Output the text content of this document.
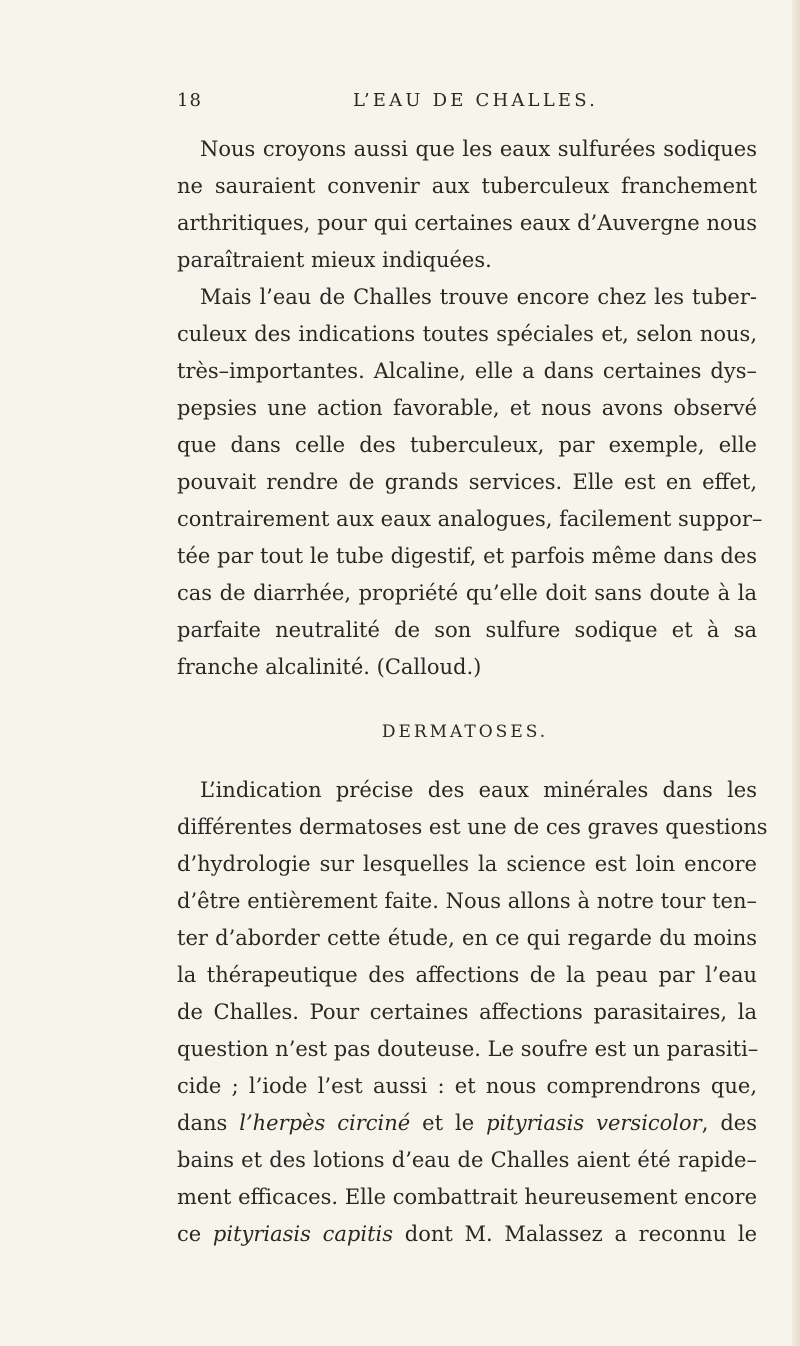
18	L’EAU DE CHALLES.
Nous croyons aussi que les eaux sulfurées sodiques
ne sauraient convenir aux tuberculeux franchement
arthritiques, pour qui certaines eaux d’Auvergne nous
paraîtraient mieux indiquées.
Mais l’eau de Challes trouve encore chez les tuber-
culeux des indications toutes spéciales et, selon nous,
très–importantes. Alcaline, elle a dans certaines dys–
pepsies une action favorable, et nous avons observé
que dans celle des tuberculeux, par exemple, elle
pouvait rendre de grands services. Elle est en effet,
contrairement aux eaux analogues, facilement suppor–
tée par tout le tube digestif, et parfois même dans des
cas de diarrhée, propriété qu’elle doit sans doute à la
parfaite neutralité de son sulfure sodique et à sa
franche alcalinité. (Calloud.)
DERMATOSES.
L’indication précise des eaux minérales dans les
différentes dermatoses est une de ces graves questions
d’hydrologie sur lesquelles la science est loin encore
d’être entièrement faite. Nous allons à notre tour ten–
ter d’aborder cette étude, en ce qui regarde du moins
la thérapeutique des affections de la peau par l’eau
de Challes. Pour certaines affections parasitaires, la
question n’est pas douteuse. Le soufre est un parasiti–
cide ; l’iode l’est aussi : et nous comprendrons que,
dans l’herpès circiné et le pityriasis versicolor, des
bains et des lotions d’eau de Challes aient été rapide–
ment efficaces. Elle combattrait heureusement encore
ce pityriasis capitis dont M. Malassez a reconnu le
